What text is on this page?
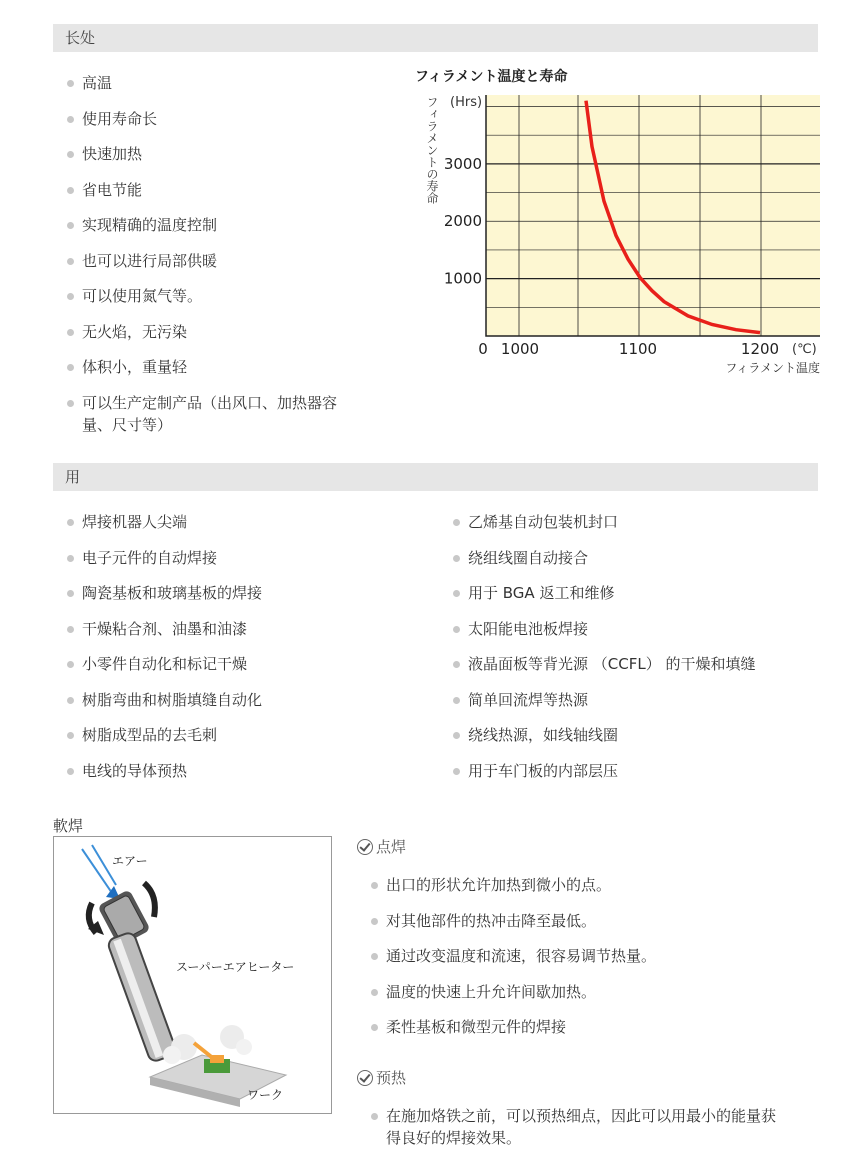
长处
高温
使用寿命长
快速加热
省电节能
实现精确的温度控制
也可以进行局部供暖
可以使用氮气等。
无火焰，无污染
体积小，重量轻
可以生产定制产品（出风口、加热器容
量、尺寸等）
フィラメント温度と寿命
3000
2000
1000
0 1000	1100	1200
(Hrs)
(℃)
フィラメント温度
フィラメントの寿命
用
焊接机器人尖端
电子元件的自动焊接
陶瓷基板和玻璃基板的焊接
干燥粘合剂、油墨和油漆
小零件自动化和标记干燥
树脂弯曲和树脂填缝自动化
树脂成型品的去毛刺
电线的导体预热
乙烯基自动包装机封口
绕组线圈自动接合
用于 BGA 返工和维修
太阳能电池板焊接
液晶面板等背光源 （CCFL） 的干燥和填缝
简单回流焊等热源
绕线热源，如线轴线圈
用于车门板的内部层压
軟焊
エアー
スーパーエアヒーター
ワーク
点焊
出口的形状允许加热到微小的点。
对其他部件的热冲击降至最低。
通过改变温度和流速，很容易调节热量。
温度的快速上升允许间歇加热。
柔性基板和微型元件的焊接
预热
在施加烙铁之前，可以预热细点，因此可以用最小的能量获
得良好的焊接效果。
